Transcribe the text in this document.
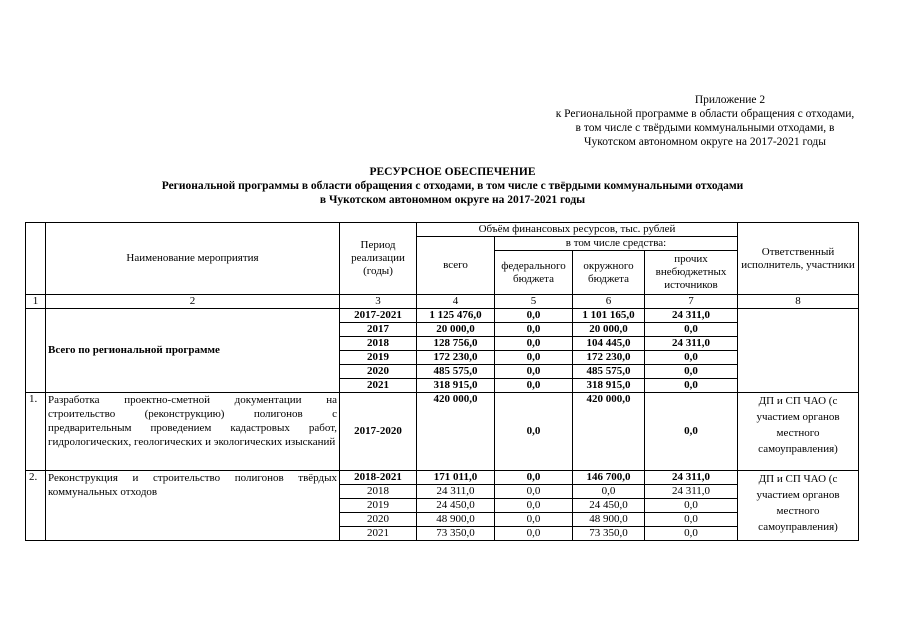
Приложение 2
к Региональной программе в области обращения с отходами,
в том числе с твёрдыми коммунальными отходами, в
Чукотском автономном округе на 2017-2021 годы
РЕСУРСНОЕ ОБЕСПЕЧЕНИЕ
Региональной программы в области обращения с отходами, в том числе с твёрдыми коммунальными отходами
в Чукотском автономном округе на 2017-2021 годы
	Наименование мероприятия	Период реализации (годы)	Объём финансовых ресурсов, тыс. рублей				Ответственный исполнитель, участники
			всего	в том числе средства:			
				федерального бюджета	окружного бюджета	прочих внебюджетных источников	
1	2	3	4	5	6	7	8
	Всего по региональной программе	2017-2021	1 125 476,0	0,0	1 101 165,0	24 311,0	
		2017	20 000,0	0,0	20 000,0	0,0	
		2018	128 756,0	0,0	104 445,0	24 311,0	
		2019	172 230,0	0,0	172 230,0	0,0	
		2020	485 575,0	0,0	485 575,0	0,0	
		2021	318 915,0	0,0	318 915,0	0,0	
1.	Разработка проектно-сметной документации на строительство (реконструкцию) полигонов с предварительным проведением кадастровых работ, гидрологических, геологических и экологических изысканий	2017-2020	420 000,0	0,0	420 000,0	0,0	ДП и СП ЧАО (с участием органов местного самоуправления)
2.	Реконструкция и строительство полигонов твёрдых коммунальных отходов	2018-2021	171 011,0	0,0	146 700,0	24 311,0	ДП и СП ЧАО (с участием органов местного самоуправления)
		2018	24 311,0	0,0	0,0	24 311,0	
		2019	24 450,0	0,0	24 450,0	0,0	
		2020	48 900,0	0,0	48 900,0	0,0	
		2021	73 350,0	0,0	73 350,0	0,0	
